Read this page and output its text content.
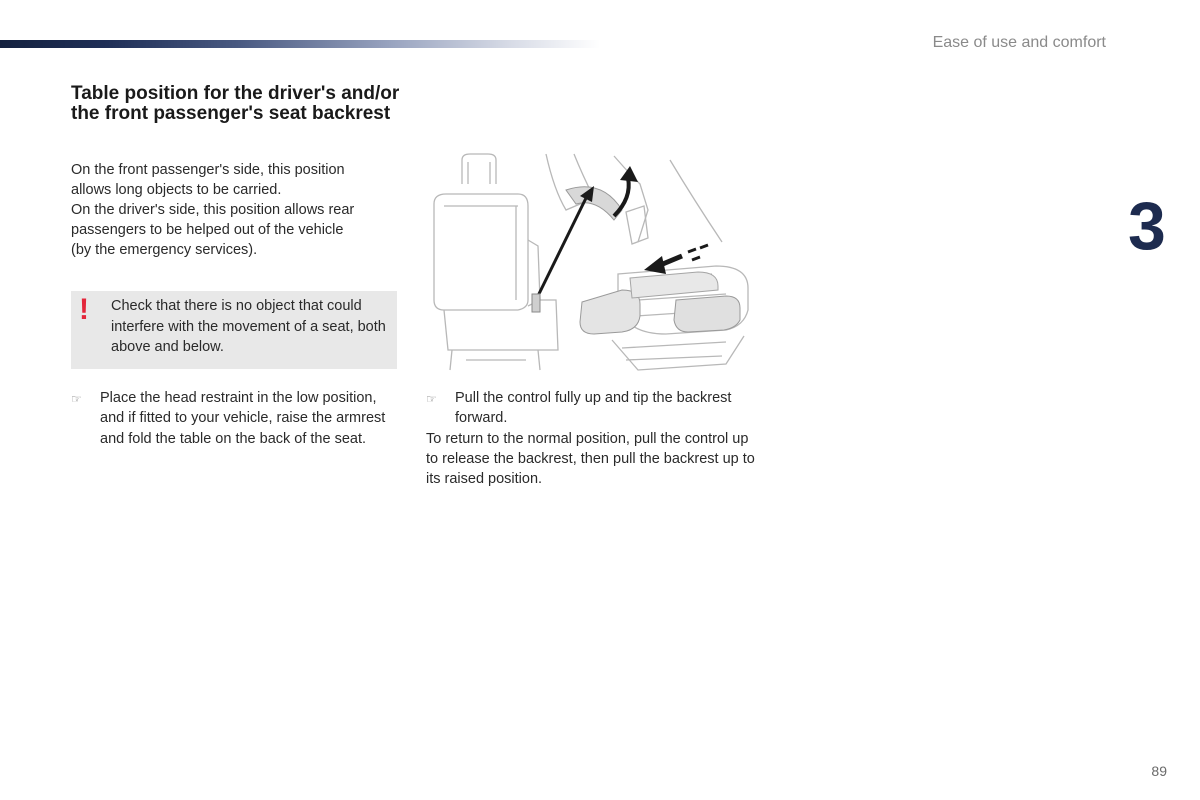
Ease of use and comfort
3
Table position for the driver's and/or the front passenger's seat backrest

On the front passenger's side, this position

allows long objects to be carried.

On the driver's side, this position allows rear

passengers to be helped out of the vehicle

(by the emergency services).

! Check that there is no object that could interfere with the movement of a seat, both above and below.
☞ Place the head restraint in the low position, and if fitted to your vehicle, raise the armrest and fold the table on the back of the seat.
☞ Pull the control fully up and tip the backrest forward.

To return to the normal position, pull the control up to release the backrest, then pull the backrest up to its raised position.

89
